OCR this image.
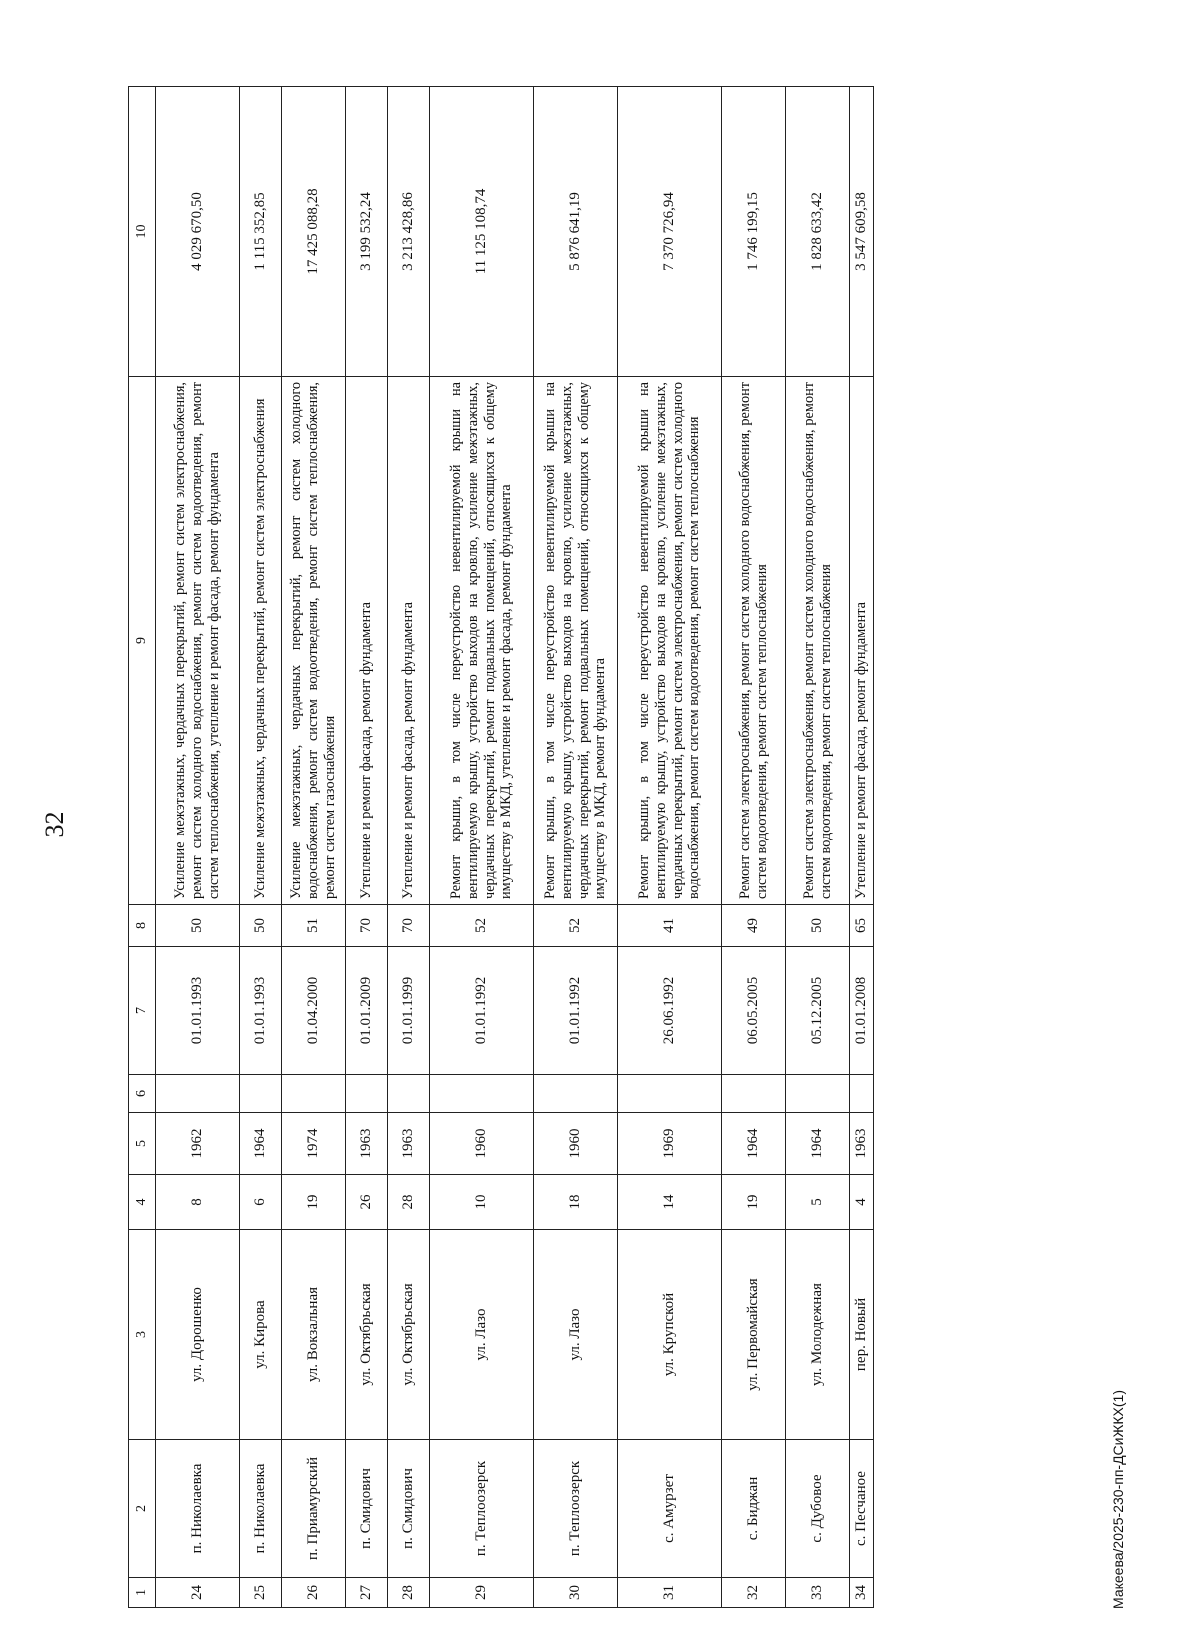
32
1	2	3	4	5	6	7	8	9	10
24	п. Николаевка	ул. Дорошенко	8	1962		01.01.1993	50	Усиление межэтажных, чердачных перекрытий, ремонт систем электроснабжения, ремонт систем холодного водоснабжения, ремонт систем водоотведения, ремонт систем теплоснабжения, утепление и ремонт фасада, ремонт фундамента	4 029 670,50
25	п. Николаевка	ул. Кирова	6	1964		01.01.1993	50	Усиление межэтажных, чердачных перекрытий, ремонт систем электроснабжения	1 115 352,85
26	п. Приамурский	ул. Вокзальная	19	1974		01.04.2000	51	Усиление межэтажных, чердачных перекрытий, ремонт систем холодного водоснабжения, ремонт систем водоотведения, ремонт систем теплоснабжения, ремонт систем газоснабжения	17 425 088,28
27	п. Смидович	ул. Октябрьская	26	1963		01.01.2009	70	Утепление и ремонт фасада, ремонт фундамента	3 199 532,24
28	п. Смидович	ул. Октябрьская	28	1963		01.01.1999	70	Утепление и ремонт фасада, ремонт фундамента	3 213 428,86
29	п. Теплоозерск	ул. Лазо	10	1960		01.01.1992	52	Ремонт крыши, в том числе переустройство невентилируемой крыши на вентилируемую крышу, устройство выходов на кровлю, усиление межэтажных, чердачных перекрытий, ремонт подвальных помещений, относящихся к общему имуществу в МКД, утепление и ремонт фасада, ремонт фундамента	11 125 108,74
30	п. Теплоозерск	ул. Лазо	18	1960		01.01.1992	52	Ремонт крыши, в том числе переустройство невентилируемой крыши на вентилируемую крышу, устройство выходов на кровлю, усиление межэтажных, чердачных перекрытий, ремонт подвальных помещений, относящихся к общему имуществу в МКД, ремонт фундамента	5 876 641,19
31	с. Амурзет	ул. Крупской	14	1969		26.06.1992	41	Ремонт крыши, в том числе переустройство невентилируемой крыши на вентилируемую крышу, устройство выходов на кровлю, усиление межэтажных, чердачных перекрытий, ремонт систем электроснабжения, ремонт систем холодного водоснабжения, ремонт систем водоотведения, ремонт систем теплоснабжения	7 370 726,94
32	с. Биджан	ул. Первомайская	19	1964		06.05.2005	49	Ремонт систем электроснабжения, ремонт систем холодного водоснабжения, ремонт систем водоотведения, ремонт систем теплоснабжения	1 746 199,15
33	с. Дубовое	ул. Молодежная	5	1964		05.12.2005	50	Ремонт систем электроснабжения, ремонт систем холодного водоснабжения, ремонт систем водоотведения, ремонт систем теплоснабжения	1 828 633,42
34	с. Песчаное	пер. Новый	4	1963		01.01.2008	65	Утепление и ремонт фасада, ремонт фундамента	3 547 609,58
Макеева/2025-230-пп-ДСиЖКХ(1)
